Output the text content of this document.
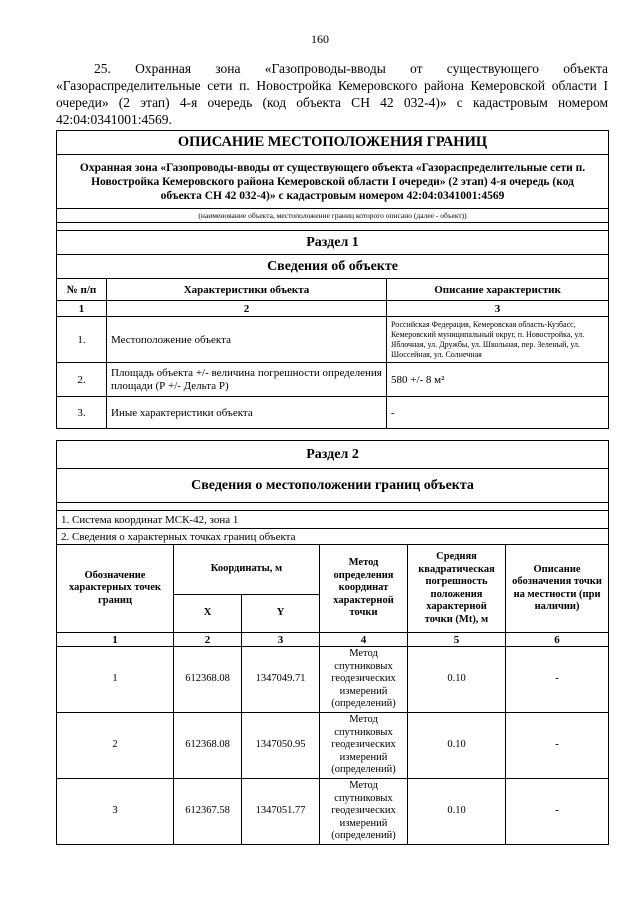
160
25. Охранная зона «Газопроводы-вводы от существующего объекта «Газораспределительные сети п. Новостройка Кемеровского района Кемеровской области I очереди» (2 этап) 4-я очередь (код объекта СН 42 032-4)» с кадастровым номером 42:04:0341001:4569.
ОПИСАНИЕ МЕСТОПОЛОЖЕНИЯ ГРАНИЦ		
Охранная зона «Газопроводы-вводы от существующего объекта «Газораспределительные сети п. Новостройка Кемеровского района Кемеровской области I очереди» (2 этап) 4-я очередь (код объекта СН 42 032-4)» с кадастровым номером 42:04:0341001:4569		
(наименование объекта, местоположение границ которого описано (далее - объект))		

Раздел 1		
Сведения об объекте		
№ п/п	Характеристики объекта	Описание характеристик
1	2	3
1.	Местоположение объекта	Российская Федерация, Кемеровская область-Кузбасс, Кемеровский муниципальный округ, п. Новостройка, ул. Яблочная, ул. Дружбы, ул. Школьная, пер. Зеленый, ул. Шоссейная, ул. Солнечная
2.	Площадь объекта +/- величина погрешности определения площади (Р +/- Дельта Р)	580 +/- 8 м²
3.	Иные характеристики объекта	-
Раздел 2					
Сведения о местоположении границ объекта					

1. Система координат МСК-42, зона 1					
2. Сведения о характерных точках границ объекта					
Обозначение характерных точек границ	Координаты, м		Метод определения координат характерной точки	Средняя квадратическая погрешность положения характерной точки (Mt), м	Описание обозначения точки на местности (при наличии)
	X	Y			
1	2	3	4	5	6
1	612368.08	1347049.71	Метод спутниковых геодезических измерений (определений)	0.10	-
2	612368.08	1347050.95	Метод спутниковых геодезических измерений (определений)	0.10	-
3	612367.58	1347051.77	Метод спутниковых геодезических измерений (определений)	0.10	-
